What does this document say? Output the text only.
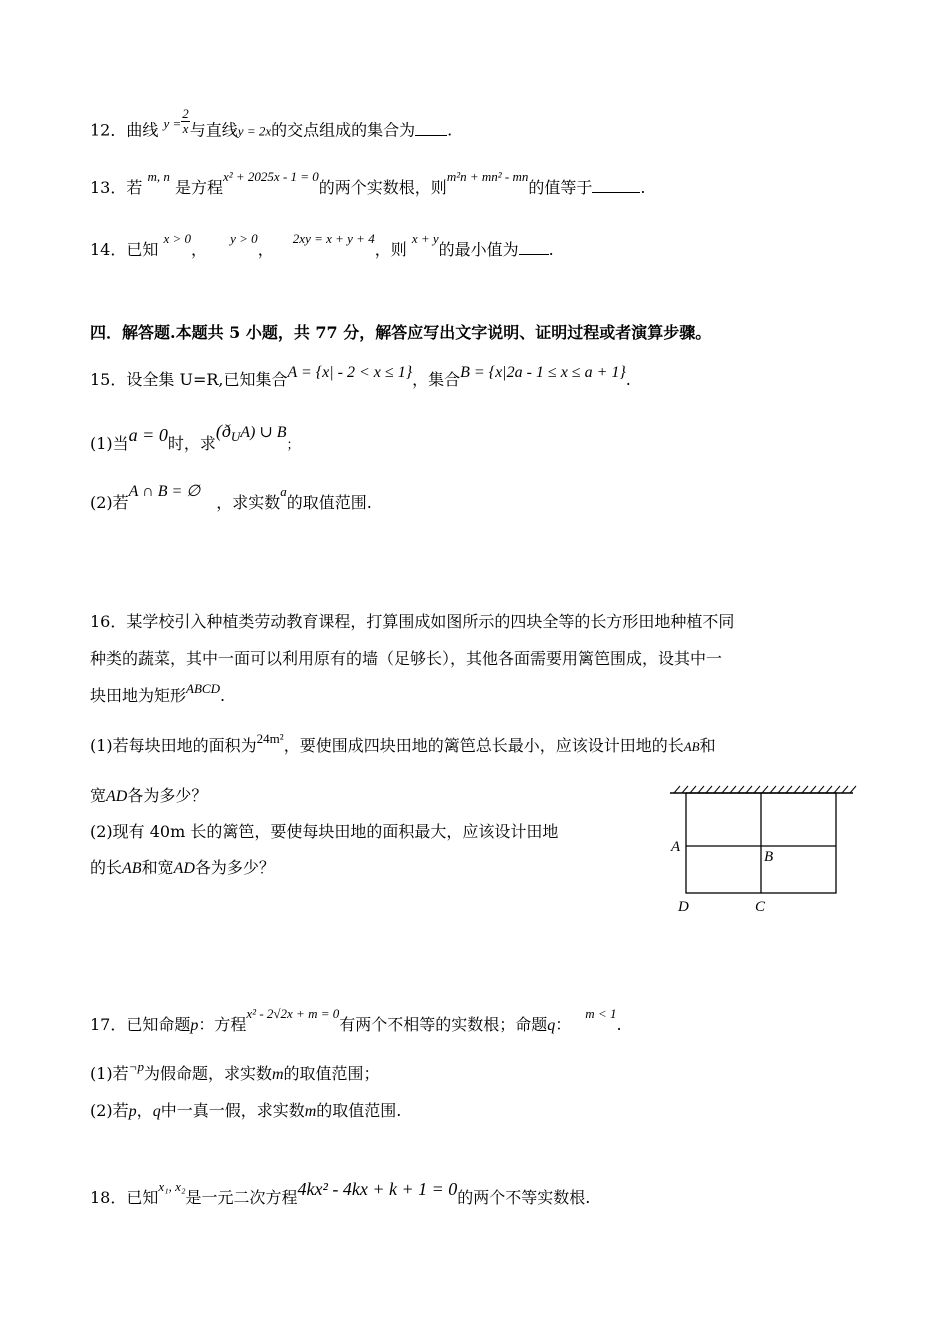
12．曲线 $^{y =} \frac{2}{x}$ 与直线y = 2x的交点组成的集合为 .
13．若 $^{m, n}$ 是方程$^{x^2 + 2025x - 1 = 0}$的两个实数根，则$^{m^2n + mn^2 - mn}$的值等于	.
14．已知 $^{x > 0}$， $^{y > 0}$， $^{2xy = x + y + 4}$，则 $^{x + y}$的最小值为 .
四．解答题.本题共 5 小题，共 77 分，解答应写出文字说明、证明过程或者演算步骤。
15．设全集 U=R,已知集合A = {x| - 2 < x ≤ 1}，集合B = {x|2a - 1 ≤ x ≤ a + 1}.
(1)当a = 0时，求$(ð^UA)$ ∪ B；
(2)若A ∩ B = ∅，求实数$^a$的取值范围.
16．某学校引入种植类劳动教育课程，打算围成如图所示的四块全等的长方形田地种植不同
种类的蔬菜，其中一面可以利用原有的墙（足够长），其他各面需要用篱笆围成，设其中一
块田地为矩形$^{ABCD}$.
(1)若每块田地的面积为$^{24m^2}$，要使围成四块田地的篱笆总长最小，应该设计田地的长AB和
宽AD各为多少？
(2)现有 40m 长的篱笆，要使每块田地的面积最大，应该设计田地
的长AB和宽AD各为多少？
A
B
D	C
17．已知命题p：方程$^{x^2 - 2√2x + m = 0}$有两个不相等的实数根；命题q：$^{m < 1}$.
(1)若$^{\neg p}$为假命题，求实数m的取值范围；
(2)若p，q中一真一假，求实数m的取值范围.
18．已知$^{x_1, x_2}$是一元二次方程4kx² - 4kx + k + 1 = 0的两个不等实数根.
